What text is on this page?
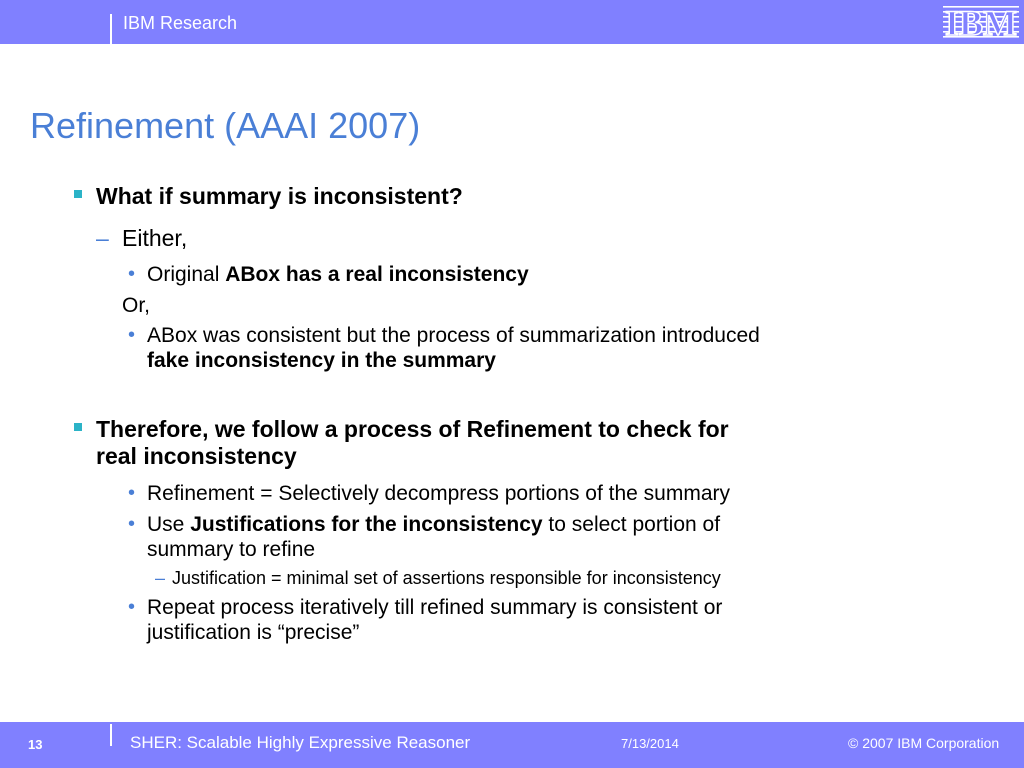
IBM Research	IBM
Refinement (AAAI 2007)
What if summary is inconsistent?
– Either,
• Original ABox has a real inconsistency
Or,
• ABox was consistent but the process of summarization introduced
fake inconsistency in the summary
Therefore, we follow a process of Refinement to check for
real inconsistency
• Refinement = Selectively decompress portions of the summary
• Use Justifications for the inconsistency to select portion of
summary to refine
– Justification = minimal set of assertions responsible for inconsistency
• Repeat process iteratively till refined summary is consistent or
justification is “precise”
13	SHER: Scalable Highly Expressive Reasoner	7/13/2014	© 2007 IBM Corporation
